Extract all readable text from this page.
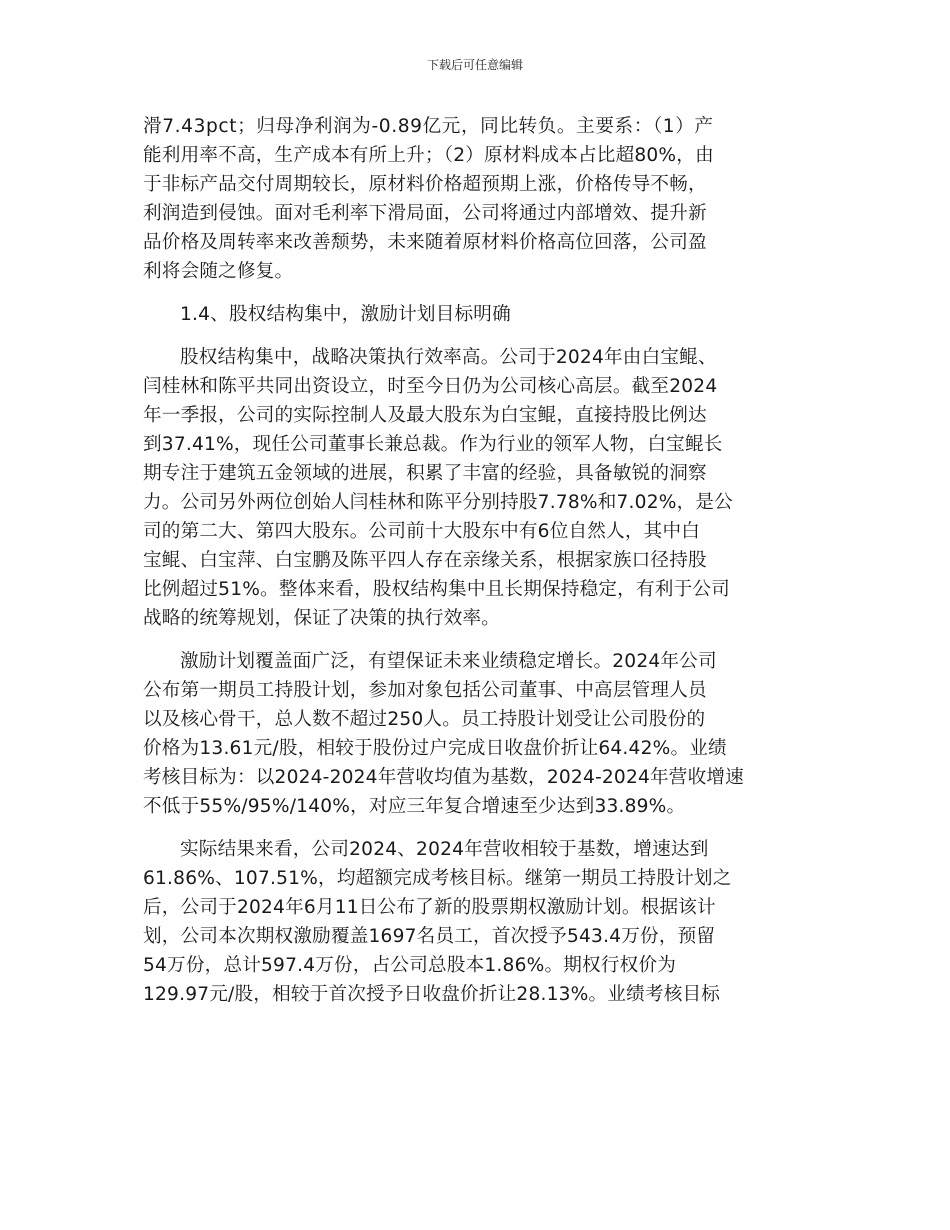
下载后可任意编辑
滑7.43pct；归母净利润为-0.89亿元，同比转负。主要系：（1）产
能利用率不高，生产成本有所上升；（2）原材料成本占比超80%，由
于非标产品交付周期较长，原材料价格超预期上涨，价格传导不畅，
利润造到侵蚀。面对毛利率下滑局面，公司将通过内部增效、提升新
品价格及周转率来改善颓势，未来随着原材料价格高位回落，公司盈
利将会随之修复。
1.4、股权结构集中，激励计划目标明确
股权结构集中，战略决策执行效率高。公司于2024年由白宝鲲、
闫桂林和陈平共同出资设立，时至今日仍为公司核心高层。截至2024
年一季报，公司的实际控制人及最大股东为白宝鲲，直接持股比例达
到37.41%，现任公司董事长兼总裁。作为行业的领军人物，白宝鲲长
期专注于建筑五金领域的进展，积累了丰富的经验，具备敏锐的洞察
力。公司另外两位创始人闫桂林和陈平分别持股7.78%和7.02%，是公
司的第二大、第四大股东。公司前十大股东中有6位自然人，其中白
宝鲲、白宝萍、白宝鹏及陈平四人存在亲缘关系，根据家族口径持股
比例超过51%。整体来看，股权结构集中且长期保持稳定，有利于公司
战略的统筹规划，保证了决策的执行效率。
激励计划覆盖面广泛，有望保证未来业绩稳定增长。2024年公司
公布第一期员工持股计划，参加对象包括公司董事、中高层管理人员
以及核心骨干，总人数不超过250人。员工持股计划受让公司股份的
价格为13.61元/股，相较于股份过户完成日收盘价折让64.42%。业绩
考核目标为：以2024-2024年营收均值为基数，2024-2024年营收增速
不低于55%/95%/140%，对应三年复合增速至少达到33.89%。
实际结果来看，公司2024、2024年营收相较于基数，增速达到
61.86%、107.51%，均超额完成考核目标。继第一期员工持股计划之
后，公司于2024年6月11日公布了新的股票期权激励计划。根据该计
划，公司本次期权激励覆盖1697名员工，首次授予543.4万份，预留
54万份，总计597.4万份，占公司总股本1.86%。期权行权价为
129.97元/股，相较于首次授予日收盘价折让28.13%。业绩考核目标
